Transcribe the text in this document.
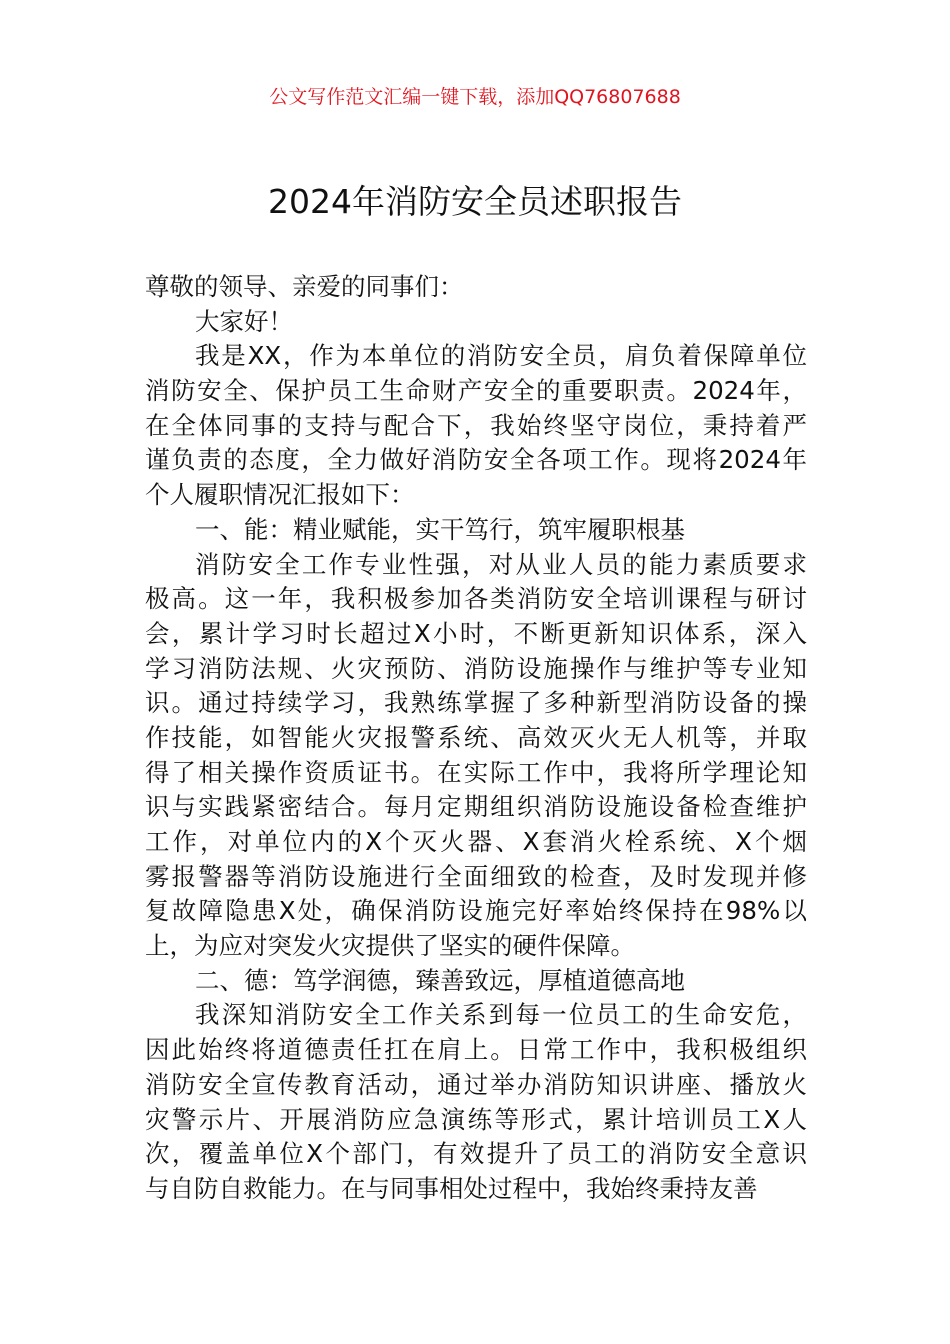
公文写作范文汇编一键下载，添加QQ76807688
2024年消防安全员述职报告
尊敬的领导、亲爱的同事们：
大家好！
我是XX，作为本单位的消防安全员，肩负着保障单位
消防安全、保护员工生命财产安全的重要职责。2024年，
在全体同事的支持与配合下，我始终坚守岗位，秉持着严
谨负责的态度，全力做好消防安全各项工作。现将2024年
个人履职情况汇报如下：
一、能：精业赋能，实干笃行，筑牢履职根基
消防安全工作专业性强，对从业人员的能力素质要求
极高。这一年，我积极参加各类消防安全培训课程与研讨
会，累计学习时长超过X小时，不断更新知识体系，深入
学习消防法规、火灾预防、消防设施操作与维护等专业知
识。通过持续学习，我熟练掌握了多种新型消防设备的操
作技能，如智能火灾报警系统、高效灭火无人机等，并取
得了相关操作资质证书。在实际工作中，我将所学理论知
识与实践紧密结合。每月定期组织消防设施设备检查维护
工作，对单位内的X个灭火器、X套消火栓系统、X个烟
雾报警器等消防设施进行全面细致的检查，及时发现并修
复故障隐患X处，确保消防设施完好率始终保持在98%以
上，为应对突发火灾提供了坚实的硬件保障。
二、德：笃学润德，臻善致远，厚植道德高地
我深知消防安全工作关系到每一位员工的生命安危，
因此始终将道德责任扛在肩上。日常工作中，我积极组织
消防安全宣传教育活动，通过举办消防知识讲座、播放火
灾警示片、开展消防应急演练等形式，累计培训员工X人
次，覆盖单位X个部门，有效提升了员工的消防安全意识
与自防自救能力。在与同事相处过程中，我始终秉持友善
